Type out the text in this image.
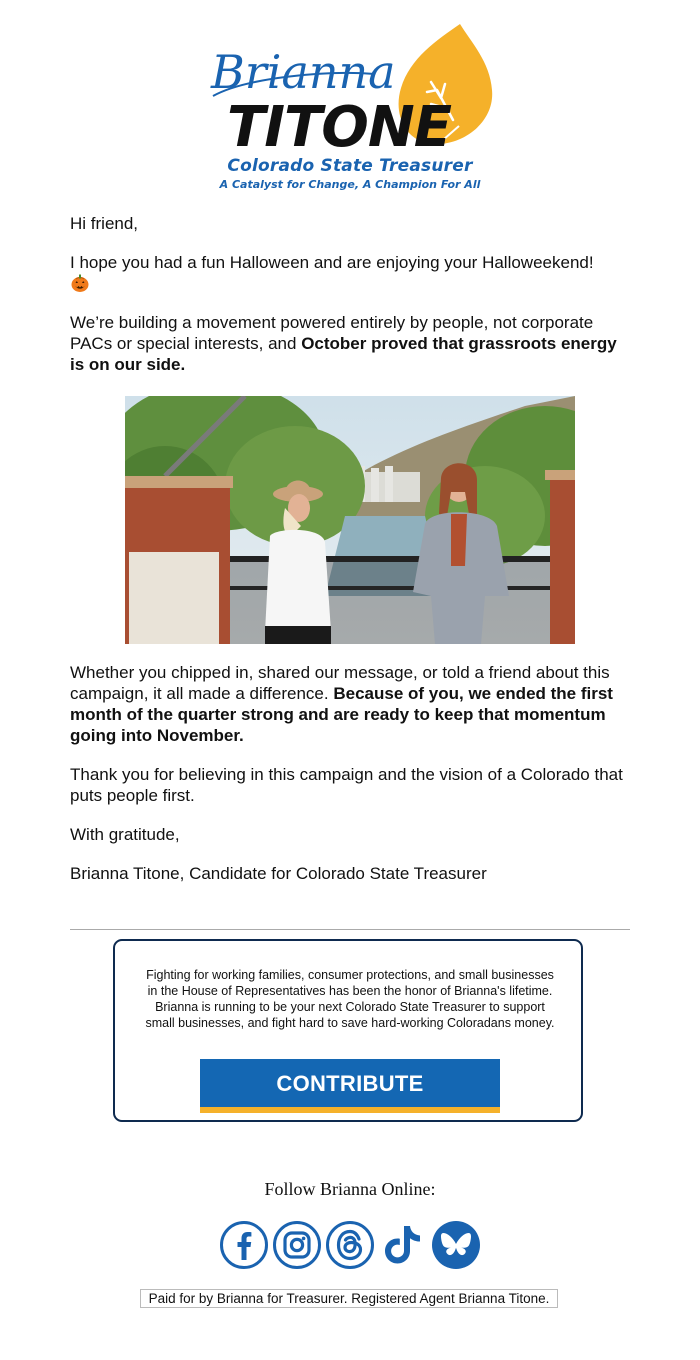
Brianna
TITONE
Colorado State Treasurer
A Catalyst for Change, A Champion For All

Hi friend,

I hope you had a fun Halloween and are enjoying your Halloweekend!

We’re building a movement powered entirely by people, not corporate PACs or special interests, and October proved that grassroots energy is on our side.

Whether you chipped in, shared our message, or told a friend about this campaign, it all made a difference. Because of you, we ended the first month of the quarter strong and are ready to keep that momentum going into November.

Thank you for believing in this campaign and the vision of a Colorado that puts people first.

With gratitude,

Brianna Titone, Candidate for Colorado State Treasurer

Fighting for working families, consumer protections, and small businesses in the House of Representatives has been the honor of Brianna's lifetime. Brianna is running to be your next Colorado State Treasurer to support small businesses, and fight hard to save hard-working Coloradans money.
CONTRIBUTE
Follow Brianna Online:
Paid for by Brianna for Treasurer. Registered Agent Brianna Titone.
